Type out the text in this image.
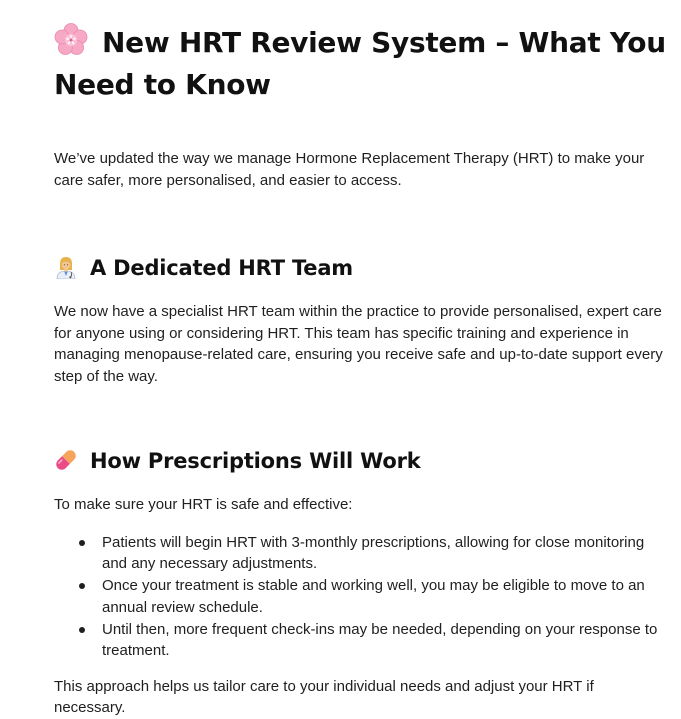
New HRT Review System – What You Need to Know

We’ve updated the way we manage Hormone Replacement Therapy (HRT) to make your care safer, more personalised, and easier to access.

A Dedicated HRT Team

We now have a specialist HRT team within the practice to provide personalised, expert care for anyone using or considering HRT. This team has specific training and experience in managing menopause-related care, ensuring you receive safe and up-to-date support every step of the way.

How Prescriptions Will Work

To make sure your HRT is safe and effective:

Patients will begin HRT with 3-monthly prescriptions, allowing for close monitoring and any necessary adjustments.
Once your treatment is stable and working well, you may be eligible to move to an annual review schedule.
Until then, more frequent check-ins may be needed, depending on your response to treatment.

This approach helps us tailor care to your individual needs and adjust your HRT if necessary.
